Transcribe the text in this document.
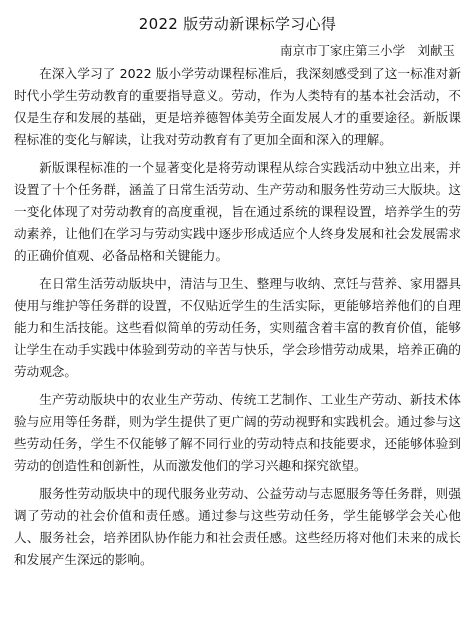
2022 版劳动新课标学习心得
南京市丁家庄第三小学　刘献玉

在深入学习了 2022 版小学劳动课程标准后，我深刻感受到了这一标准对新时代小学生劳动教育的重要指导意义。劳动，作为人类特有的基本社会活动，不仅是生存和发展的基础，更是培养德智体美劳全面发展人才的重要途径。新版课程标准的变化与解读，让我对劳动教育有了更加全面和深入的理解。

新版课程标准的一个显著变化是将劳动课程从综合实践活动中独立出来，并设置了十个任务群，涵盖了日常生活劳动、生产劳动和服务性劳动三大版块。这一变化体现了对劳动教育的高度重视，旨在通过系统的课程设置，培养学生的劳动素养，让他们在学习与劳动实践中逐步形成适应个人终身发展和社会发展需求的正确价值观、必备品格和关键能力。

在日常生活劳动版块中，清洁与卫生、整理与收纳、烹饪与营养、家用器具使用与维护等任务群的设置，不仅贴近学生的生活实际，更能够培养他们的自理能力和生活技能。这些看似简单的劳动任务，实则蕴含着丰富的教育价值，能够让学生在动手实践中体验到劳动的辛苦与快乐，学会珍惜劳动成果，培养正确的劳动观念。

生产劳动版块中的农业生产劳动、传统工艺制作、工业生产劳动、新技术体验与应用等任务群，则为学生提供了更广阔的劳动视野和实践机会。通过参与这些劳动任务，学生不仅能够了解不同行业的劳动特点和技能要求，还能够体验到劳动的创造性和创新性，从而激发他们的学习兴趣和探究欲望。

服务性劳动版块中的现代服务业劳动、公益劳动与志愿服务等任务群，则强调了劳动的社会价值和责任感。通过参与这些劳动任务，学生能够学会关心他人、服务社会，培养团队协作能力和社会责任感。这些经历将对他们未来的成长和发展产生深远的影响。
